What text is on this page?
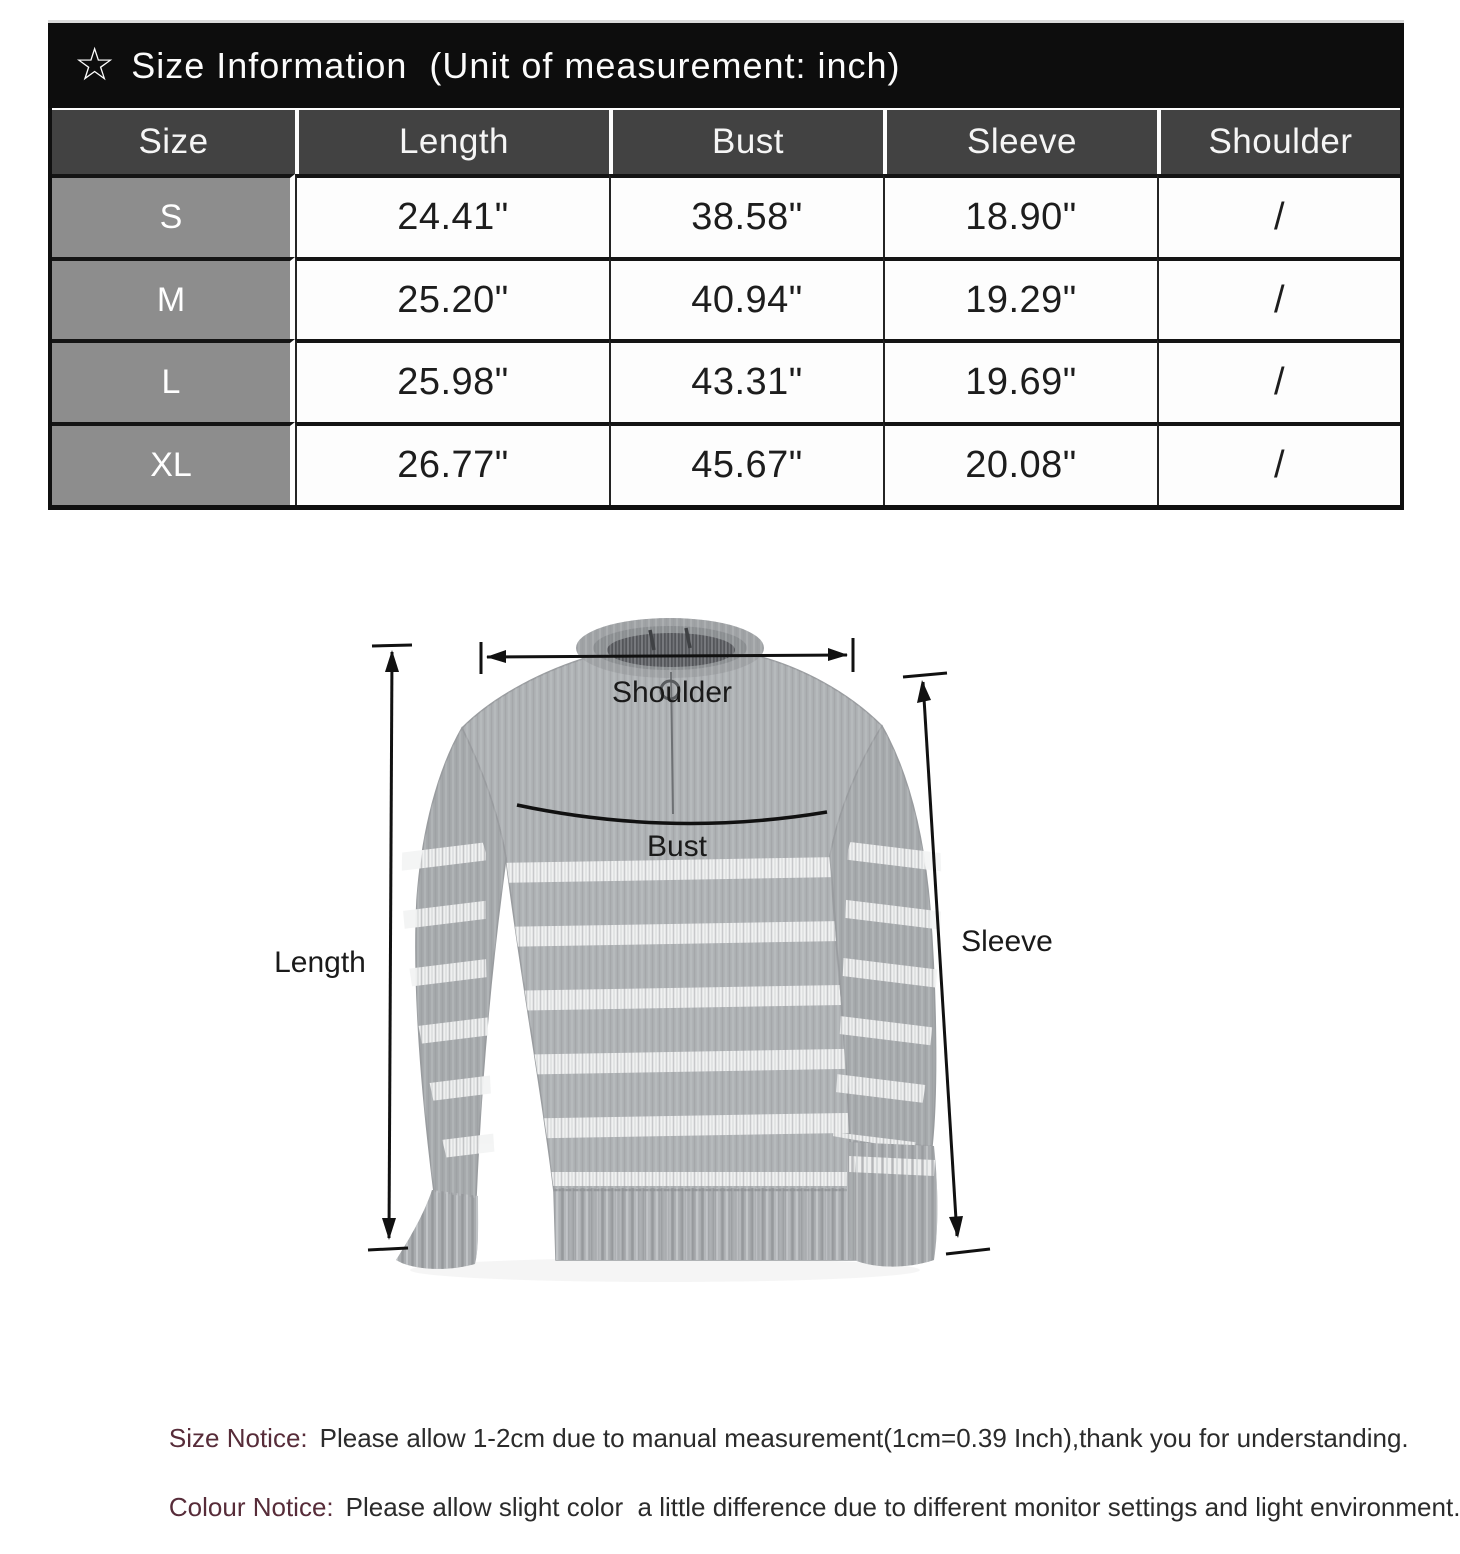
☆ Size Information  (Unit of measurement: inch)
Size	Length	Bust	Sleeve	Shoulder
S	24.41"	38.58"	18.90"	/
M	25.20"	40.94"	19.29"	/
L	25.98"	43.31"	19.69"	/
XL	26.77"	45.67"	20.08"	/
Shoulder
Bust
Length
Sleeve

Size Notice: Please allow 1-2cm due to manual measurement(1cm=0.39 Inch),thank you for understanding.

Colour Notice: Please allow slight color  a little difference due to different monitor settings and light environment.
